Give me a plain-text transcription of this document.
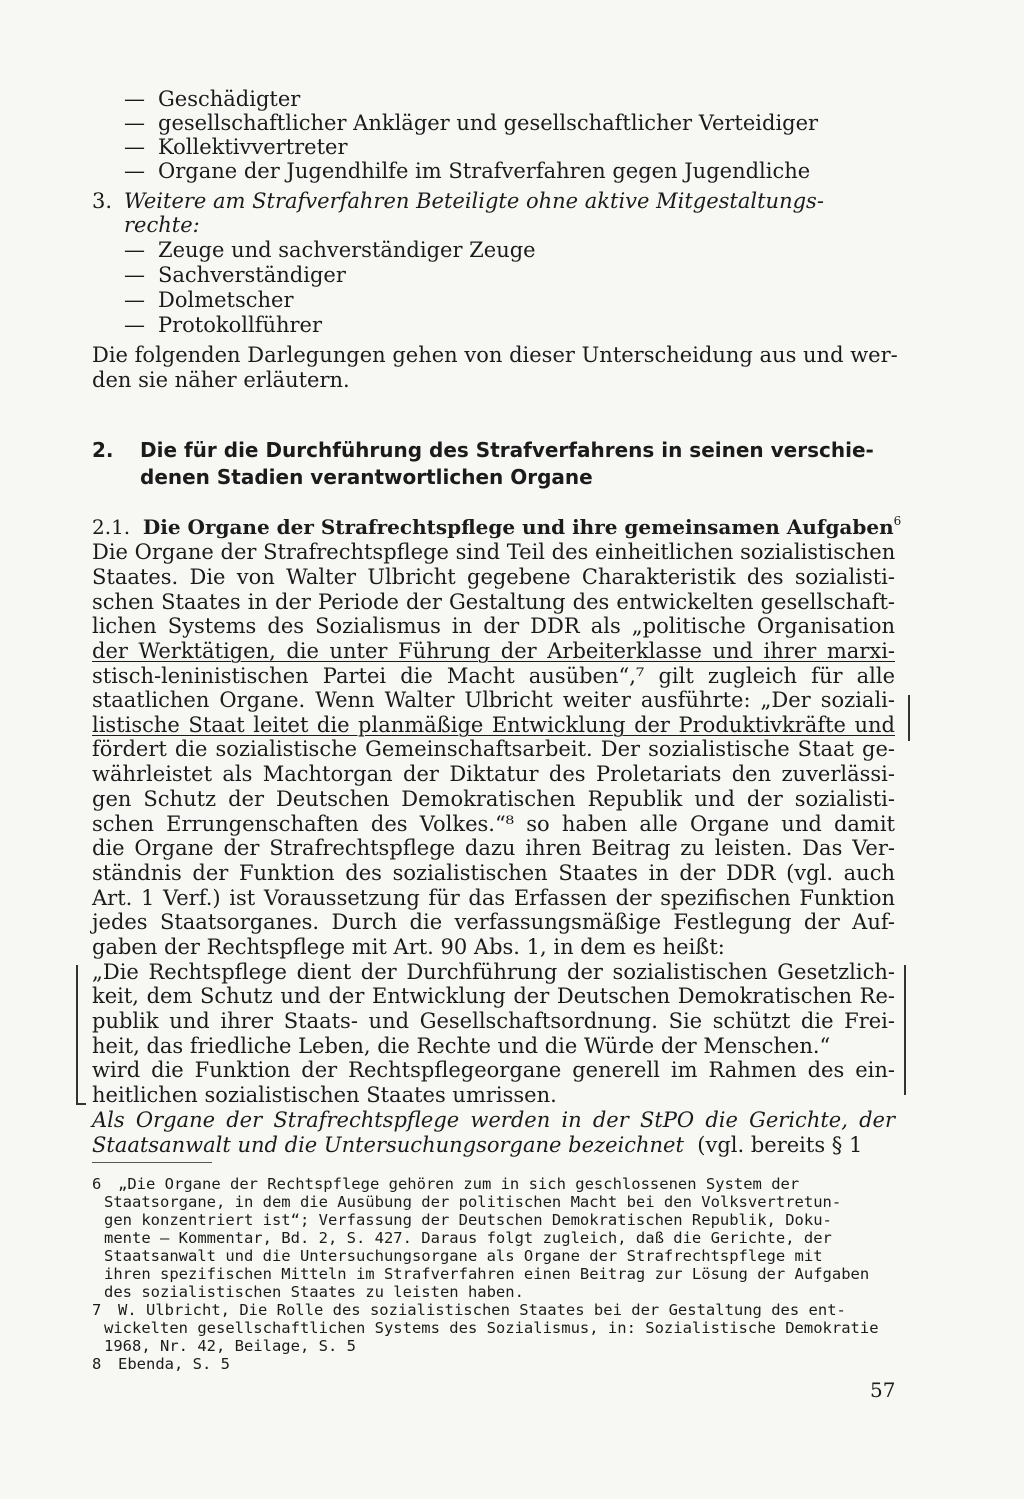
— Geschädigter
— gesellschaftlicher Ankläger und gesellschaftlicher Verteidiger
— Kollektivvertreter
— Organe der Jugendhilfe im Strafverfahren gegen Jugendliche
3. Weitere am Strafverfahren Beteiligte ohne aktive Mitgestaltungs-
rechte:
— Zeuge und sachverständiger Zeuge
— Sachverständiger
— Dolmetscher
— Protokollführer
Die folgenden Darlegungen gehen von dieser Unterscheidung aus und wer-
den sie näher erläutern.
2. Die für die Durchführung des Strafverfahrens in seinen verschie-
denen Stadien verantwortlichen Organe
2.1. Die Organe der Strafrechtspflege und ihre gemeinsamen Aufgaben$^6$
Die Organe der Strafrechtspflege sind Teil des einheitlichen sozialistischen
Staates. Die von Walter Ulbricht gegebene Charakteristik des sozialisti-
schen Staates in der Periode der Gestaltung des entwickelten gesellschaft-
lichen Systems des Sozialismus in der DDR als „politische Organisation
der Werktätigen, die unter Führung der Arbeiterklasse und ihrer marxi-
stisch-leninistischen Partei die Macht ausüben“,⁷ gilt zugleich für alle
staatlichen Organe. Wenn Walter Ulbricht weiter ausführte: „Der soziali-
listische Staat leitet die planmäßige Entwicklung der Produktivkräfte und
fördert die sozialistische Gemeinschaftsarbeit. Der sozialistische Staat ge-
währleistet als Machtorgan der Diktatur des Proletariats den zuverlässi-
gen Schutz der Deutschen Demokratischen Republik und der sozialisti-
schen Errungenschaften des Volkes.“⁸ so haben alle Organe und damit
die Organe der Strafrechtspflege dazu ihren Beitrag zu leisten. Das Ver-
ständnis der Funktion des sozialistischen Staates in der DDR (vgl. auch
Art. 1 Verf.) ist Voraussetzung für das Erfassen der spezifischen Funktion
jedes Staatsorganes. Durch die verfassungsmäßige Festlegung der Auf-
gaben der Rechtspflege mit Art. 90 Abs. 1, in dem es heißt:
„Die Rechtspflege dient der Durchführung der sozialistischen Gesetzlich-
keit, dem Schutz und der Entwicklung der Deutschen Demokratischen Re-
publik und ihrer Staats- und Gesellschaftsordnung. Sie schützt die Frei-
heit, das friedliche Leben, die Rechte und die Würde der Menschen.“
wird die Funktion der Rechtspflegeorgane generell im Rahmen des ein-
heitlichen sozialistischen Staates umrissen.
Als Organe der Strafrechtspflege werden in der StPO die Gerichte, der
Staatsanwalt und die Untersuchungsorgane bezeichnet (vgl. bereits § 1
6 „Die Organe der Rechtspflege gehören zum in sich geschlossenen System der
Staatsorgane, in dem die Ausübung der politischen Macht bei den Volksvertretun-
gen konzentriert ist“; Verfassung der Deutschen Demokratischen Republik, Doku-
mente — Kommentar, Bd. 2, S. 427. Daraus folgt zugleich, daß die Gerichte, der
Staatsanwalt und die Untersuchungsorgane als Organe der Strafrechtspflege mit
ihren spezifischen Mitteln im Strafverfahren einen Beitrag zur Lösung der Aufgaben
des sozialistischen Staates zu leisten haben.
7 W. Ulbricht, Die Rolle des sozialistischen Staates bei der Gestaltung des ent-
wickelten gesellschaftlichen Systems des Sozialismus, in: Sozialistische Demokratie
1968, Nr. 42, Beilage, S. 5
8 Ebenda, S. 5
57
